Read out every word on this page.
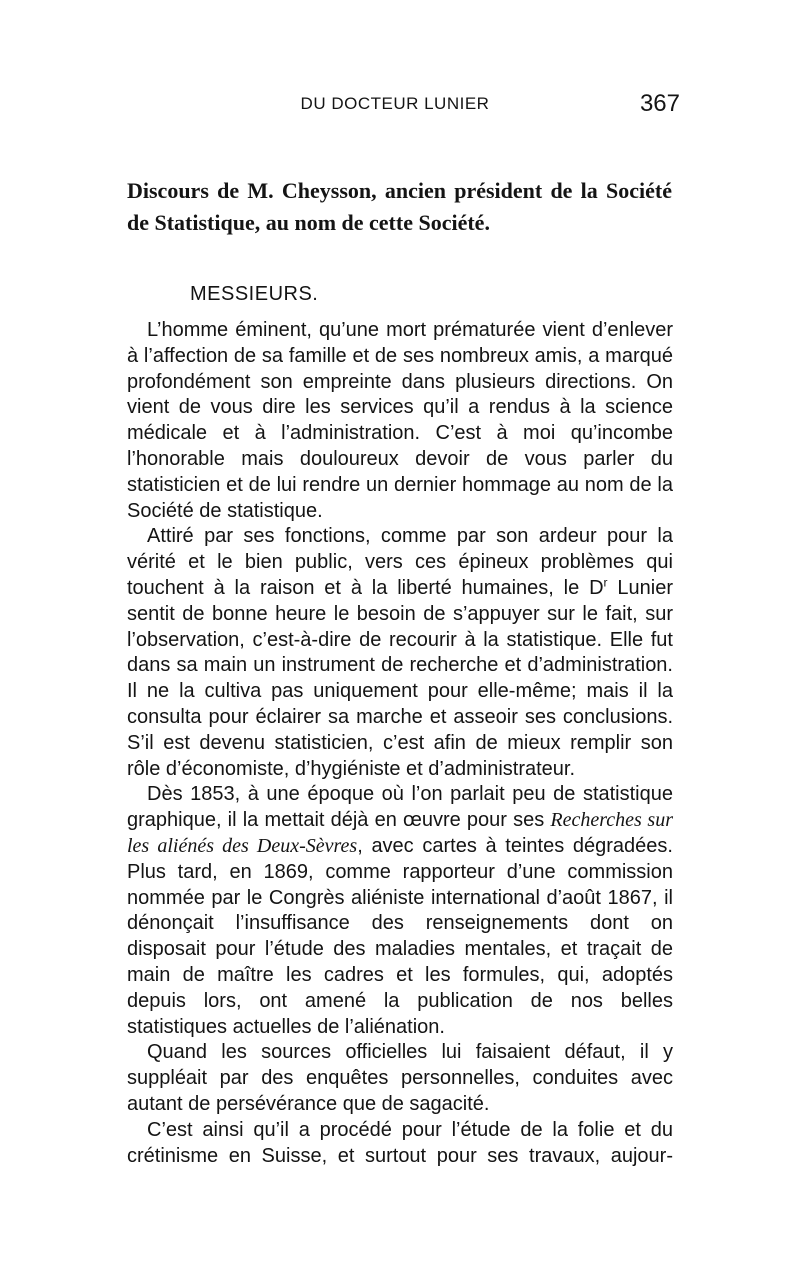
DU DOCTEUR LUNIER	367
Discours de M. Cheysson, ancien président de la Société de Statistique, au nom de cette Société.
MESSIEURS.

L’homme éminent, qu’une mort prématurée vient d’enlever à l’affection de sa famille et de ses nombreux amis, a marqué profondément son empreinte dans plusieurs directions. On vient de vous dire les services qu’il a rendus à la science médicale et à l’administration. C’est à moi qu’incombe l’honorable mais douloureux devoir de vous parler du statisticien et de lui rendre un dernier hommage au nom de la Société de statistique.

Attiré par ses fonctions, comme par son ardeur pour la vérité et le bien public, vers ces épineux problèmes qui touchent à la raison et à la liberté humaines, le $D^r$ Lunier sentit de bonne heure le besoin de s’appuyer sur le fait, sur l’observation, c’est-à-dire de recourir à la statistique. Elle fut dans sa main un instrument de recherche et d’administration. Il ne la cultiva pas uniquement pour elle-même; mais il la consulta pour éclairer sa marche et asseoir ses conclusions. S’il est devenu statisticien, c’est afin de mieux remplir son rôle d’économiste, d’hygiéniste et d’administrateur.

Dès 1853, à une époque où l’on parlait peu de statistique graphique, il la mettait déjà en œuvre pour ses Recherches sur les aliénés des Deux-Sèvres, avec cartes à teintes dégradées. Plus tard, en 1869, comme rapporteur d’une commission nommée par le Congrès aliéniste international d’août 1867, il dénonçait l’insuffisance des renseignements dont on disposait pour l’étude des maladies mentales, et traçait de main de maître les cadres et les formules, qui, adoptés depuis lors, ont amené la publication de nos belles statistiques actuelles de l’aliénation.

Quand les sources officielles lui faisaient défaut, il y suppléait par des enquêtes personnelles, conduites avec autant de persévérance que de sagacité.

C’est ainsi qu’il a procédé pour l’étude de la folie et du crétinisme en Suisse, et surtout pour ses travaux, aujour-
